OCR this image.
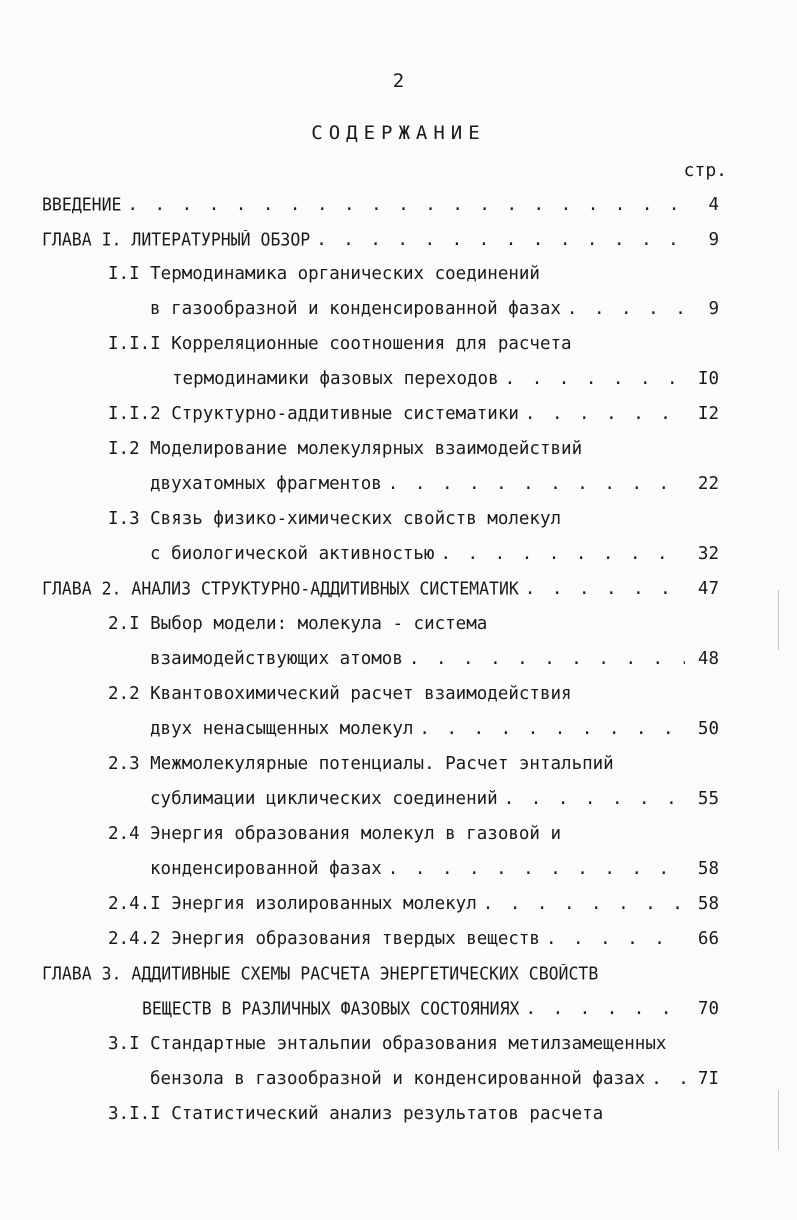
2
СОДЕРЖАНИЕ
стр.
ВВЕДЕНИЕ . . .	4
ГЛАВА I. ЛИТЕРАТУРНЫЙ ОБЗОР . . .	9
I.I Термодинамика органических соединений
в газообразной и конденсированной фазах . . .	9
I.I.I Корреляционные соотношения для расчета
термодинамики фазовых переходов . . .	I0
I.I.2 Структурно-аддитивные систематики . . .	I2
I.2 Моделирование молекулярных взаимодействий
двухатомных фрагментов . . .	22
I.3 Связь физико-химических свойств молекул
с биологической активностью . . .	32
ГЛАВА 2. АНАЛИЗ СТРУКТУРНО-АДДИТИВНЫХ СИСТЕМАТИК . . .	47
2.I Выбор модели: молекула - система
взаимодействующих атомов . . .	48
2.2 Квантовохимический расчет взаимодействия
двух ненасыщенных молекул . . .	50
2.3 Межмолекулярные потенциалы. Расчет энтальпий
сублимации циклических соединений . . .	55
2.4 Энергия образования молекул в газовой и
конденсированной фазах . . .	58
2.4.I Энергия изолированных молекул . . .	58
2.4.2 Энергия образования твердых веществ . . .	66
ГЛАВА 3. АДДИТИВНЫЕ СХЕМЫ РАСЧЕТА ЭНЕРГЕТИЧЕСКИХ СВОЙСТВ
ВЕЩЕСТВ В РАЗЛИЧНЫХ ФАЗОВЫХ СОСТОЯНИЯХ . . .	70
3.I Стандартные энтальпии образования метилзамещенных
бензола в газообразной и конденсированной фазах . . .	7I
3.I.I Статистический анализ результатов расчета
